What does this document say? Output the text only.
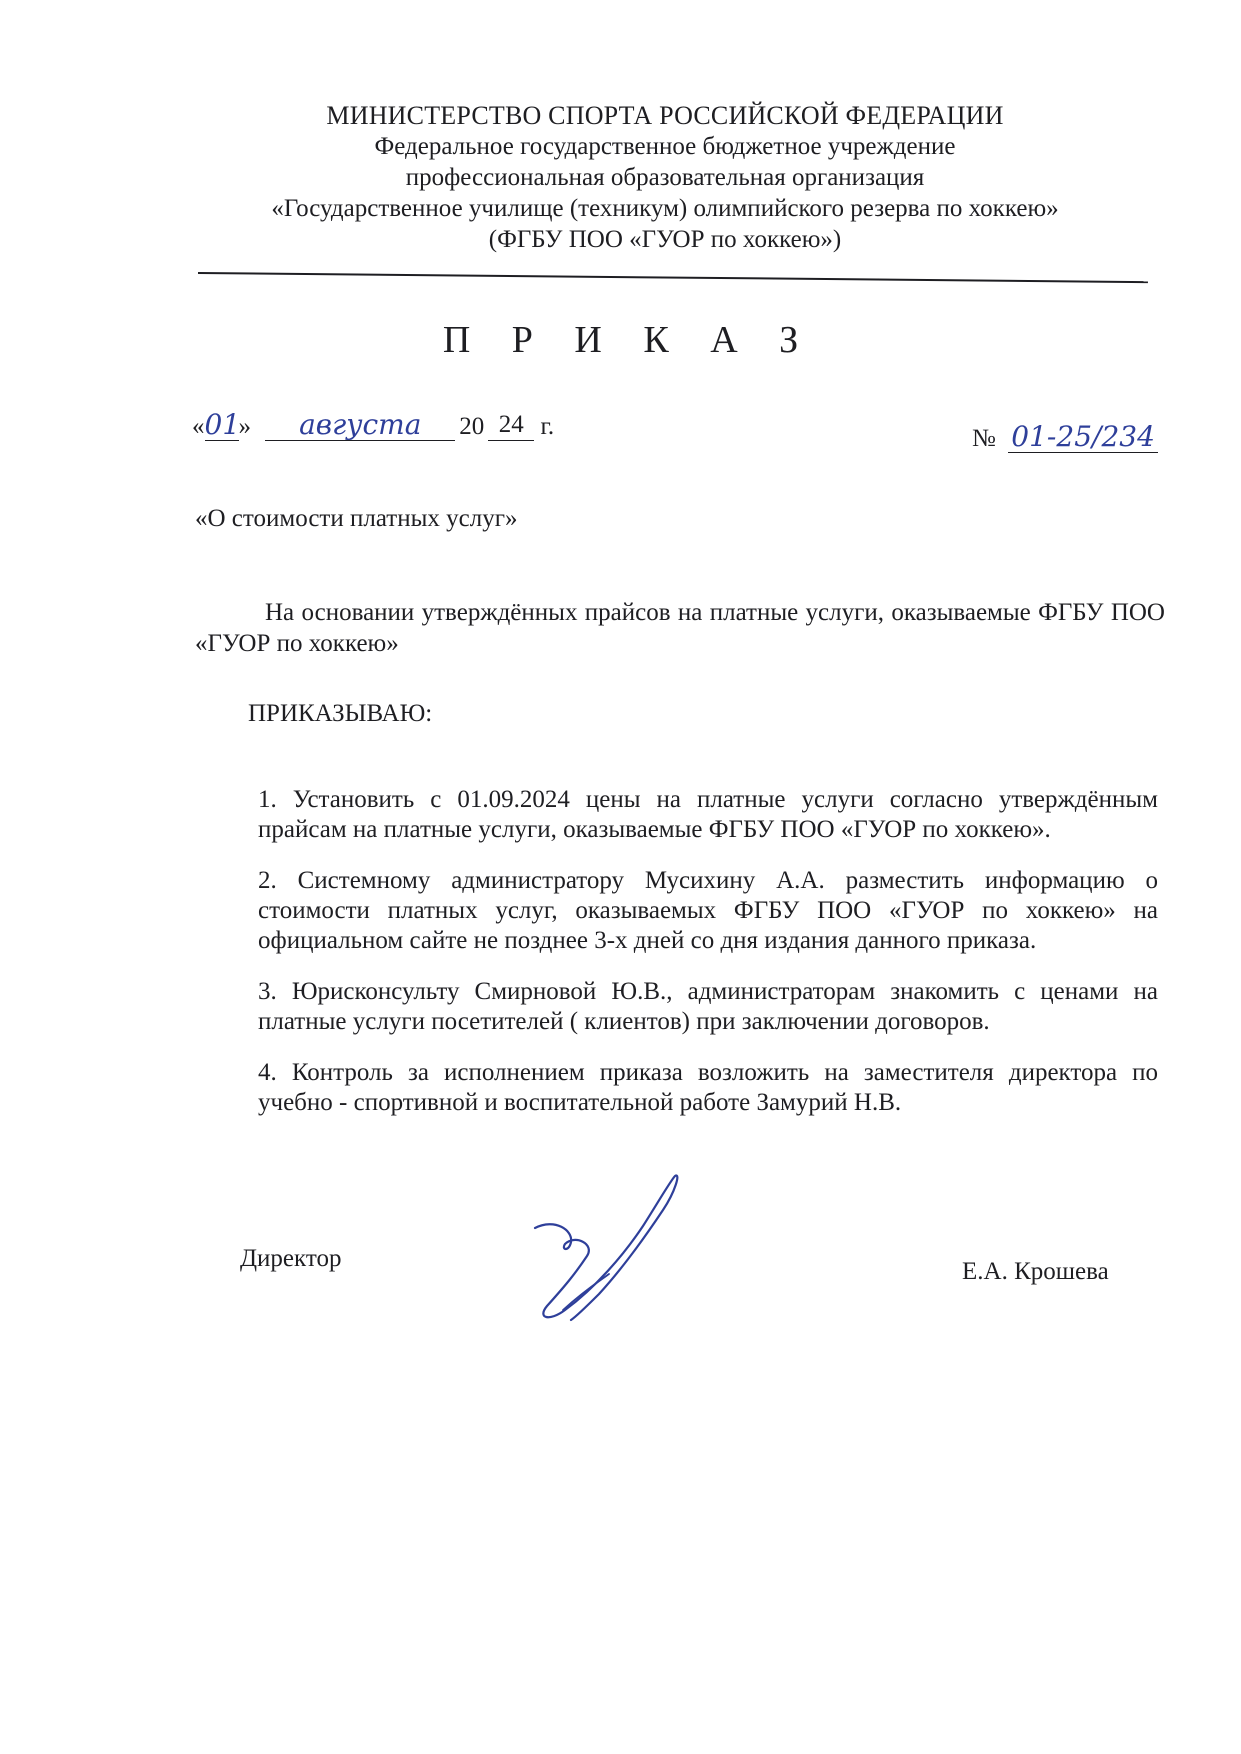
МИНИСТЕРСТВО СПОРТА РОССИЙСКОЙ ФЕДЕРАЦИИ
Федеральное государственное бюджетное учреждение
профессиональная образовательная организация
«Государственное училище (техникум) олимпийского резерва по хоккею»
(ФГБУ ПОО «ГУОР по хоккею»)
П Р И К А З
«01» августа 20 24 г.	№ 01-25/234
«О стоимости платных услуг»
На основании утверждённых прайсов на платные услуги, оказываемые ФГБУ ПОО «ГУОР по хоккею»
ПРИКАЗЫВАЮ:
1. Установить с 01.09.2024 цены на платные услуги согласно утверждённым прайсам на платные услуги, оказываемые ФГБУ ПОО «ГУОР по хоккею».
2. Системному администратору Мусихину А.А. разместить информацию о стоимости платных услуг, оказываемых ФГБУ ПОО «ГУОР по хоккею» на официальном сайте не позднее 3-х дней со дня издания данного приказа.
3. Юрисконсульту Смирновой Ю.В., администраторам знакомить с ценами на платные услуги посетителей ( клиентов) при заключении договоров.
4. Контроль за исполнением приказа возложить на заместителя директора по учебно - спортивной и воспитательной работе Замурий Н.В.
Директор	Е.А. Крошева
